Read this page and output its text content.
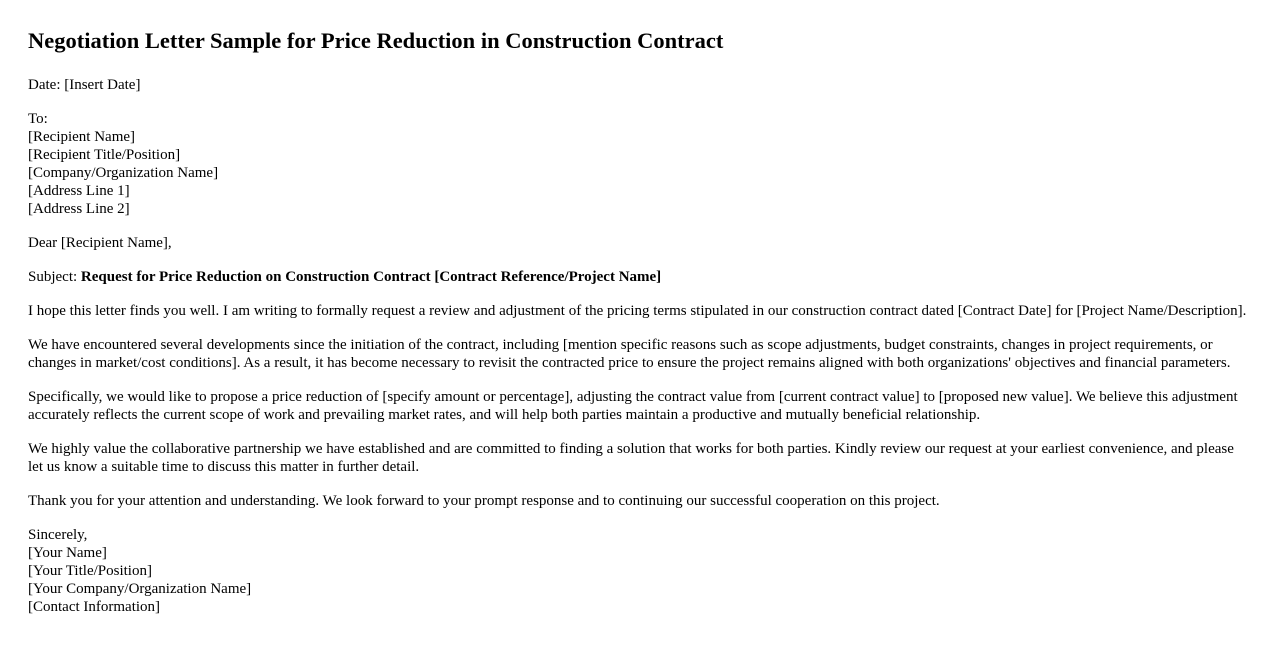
Negotiation Letter Sample for Price Reduction in Construction Contract

Date: [Insert Date]

To:
[Recipient Name]
[Recipient Title/Position]
[Company/Organization Name]
[Address Line 1]
[Address Line 2]

Dear [Recipient Name],

Subject: Request for Price Reduction on Construction Contract [Contract Reference/Project Name]

I hope this letter finds you well. I am writing to formally request a review and adjustment of the pricing terms stipulated in our construction contract dated [Contract Date] for [Project Name/Description].

We have encountered several developments since the initiation of the contract, including [mention specific reasons such as scope adjustments, budget constraints, changes in project requirements, or changes in market/cost conditions]. As a result, it has become necessary to revisit the contracted price to ensure the project remains aligned with both organizations' objectives and financial parameters.

Specifically, we would like to propose a price reduction of [specify amount or percentage], adjusting the contract value from [current contract value] to [proposed new value]. We believe this adjustment accurately reflects the current scope of work and prevailing market rates, and will help both parties maintain a productive and mutually beneficial relationship.

We highly value the collaborative partnership we have established and are committed to finding a solution that works for both parties. Kindly review our request at your earliest convenience, and please let us know a suitable time to discuss this matter in further detail.

Thank you for your attention and understanding. We look forward to your prompt response and to continuing our successful cooperation on this project.

Sincerely,
[Your Name]
[Your Title/Position]
[Your Company/Organization Name]
[Contact Information]
